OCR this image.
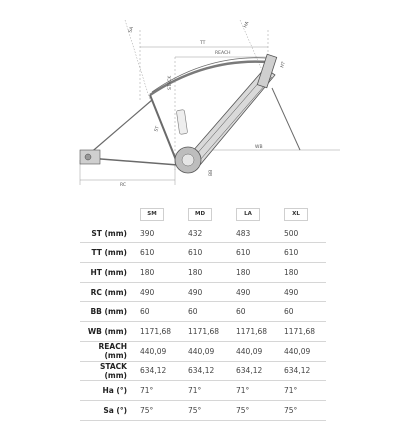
TT
REACH
STACK
HT
ST
WB
RC
BB
HA
SA
	SM	MD	LA	XL
ST (mm)	390	432	483	500
TT (mm)	610	610	610	610
HT (mm)	180	180	180	180
RC (mm)	490	490	490	490
BB (mm)	60	60	60	60
WB (mm)	1171,68	1171,68	1171,68	1171,68
REACH (mm)	440,09	440,09	440,09	440,09
STACK (mm)	634,12	634,12	634,12	634,12
Ha (°)	71°	71°	71°	71°
Sa (°)	75°	75°	75°	75°
